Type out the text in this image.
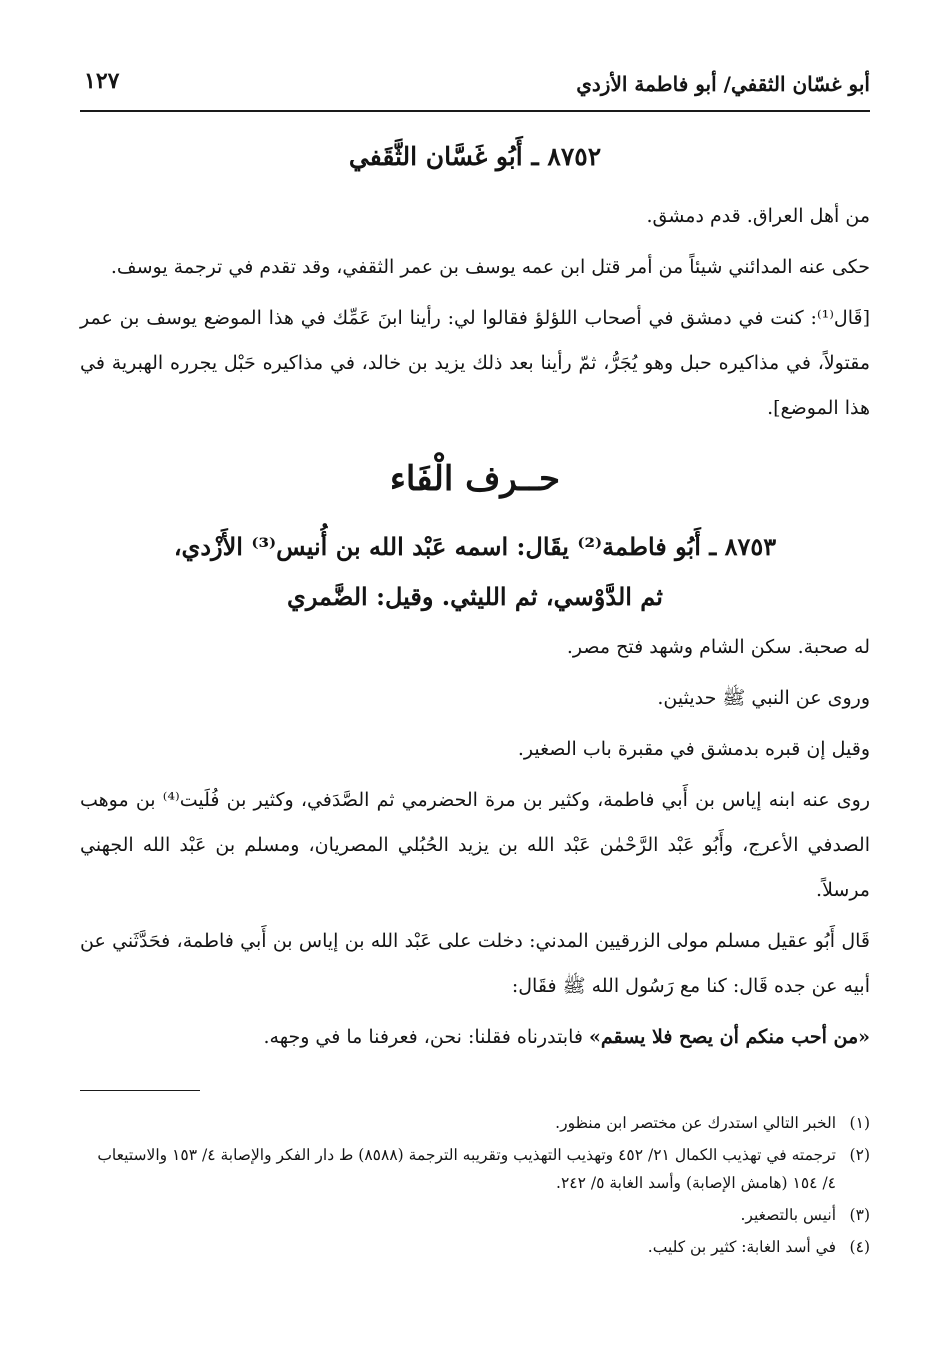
أبو غسّان الثقفي/ أبو فاطمة الأزدي
١٢٧
٨٧٥٢ ـ أَبُو غَسَّان الثَّقَفي

من أهل العراق. قدم دمشق.

حكى عنه المدائني شيئاً من أمر قتل ابن عمه يوسف بن عمر الثقفي، وقد تقدم في ترجمة يوسف.

[قَال⁽¹⁾: كنت في دمشق في أصحاب اللؤلؤ فقالوا لي: رأينا ابنَ عَمِّك في هذا الموضع يوسف بن عمر مقتولاً، في مذاكيره حبل وهو يُجَرُّ، ثمّ رأينا بعد ذلك يزيد بن خالد، في مذاكيره حَبْل يجرره الهبرية في هذا الموضع].

حــرف الْفَاء
٨٧٥٣ ـ أَبُو فاطمة⁽²⁾ يقَال: اسمه عَبْد الله بن أُنيس⁽³⁾ الأَزْدي،
ثم الدَّوْسي، ثم الليثي. وقيل: الضَّمري

له صحبة. سكن الشام وشهد فتح مصر.

وروى عن النبي ﷺ حديثين.

وقيل إن قبره بدمشق في مقبرة باب الصغير.

روى عنه ابنه إياس بن أَبي فاطمة، وكثير بن مرة الحضرمي ثم الصَّدَفي، وكثير بن فُلَيت⁽⁴⁾ بن موهب الصدفي الأعرج، وأَبُو عَبْد الرَّحْمٰن عَبْد الله بن يزيد الحُبُلي المصريان، ومسلم بن عَبْد الله الجهني مرسلاً.

قَال أَبُو عقيل مسلم مولى الزرقيين المدني: دخلت على عَبْد الله بن إياس بن أَبي فاطمة، فحَدَّثَني عن أبيه عن جده قَال: كنا مع رَسُول الله ﷺ فقَال:

«من أحب منكم أن يصح فلا يسقم» فابتدرناه فقلنا: نحن، فعرفنا ما في وجهه.

(١)
الخبر التالي استدرك عن مختصر ابن منظور.
(٢)
ترجمته في تهذيب الكمال ٢١/ ٤٥٢ وتهذيب التهذيب وتقريبه الترجمة (٨٥٨٨) ط دار الفكر والإصابة ٤/ ١٥٣ والاستيعاب ٤/ ١٥٤ (هامش الإصابة) وأسد الغابة ٥/ ٢٤٢.
(٣)
أنيس بالتصغير.
(٤)
في أسد الغابة: كثير بن كليب.
